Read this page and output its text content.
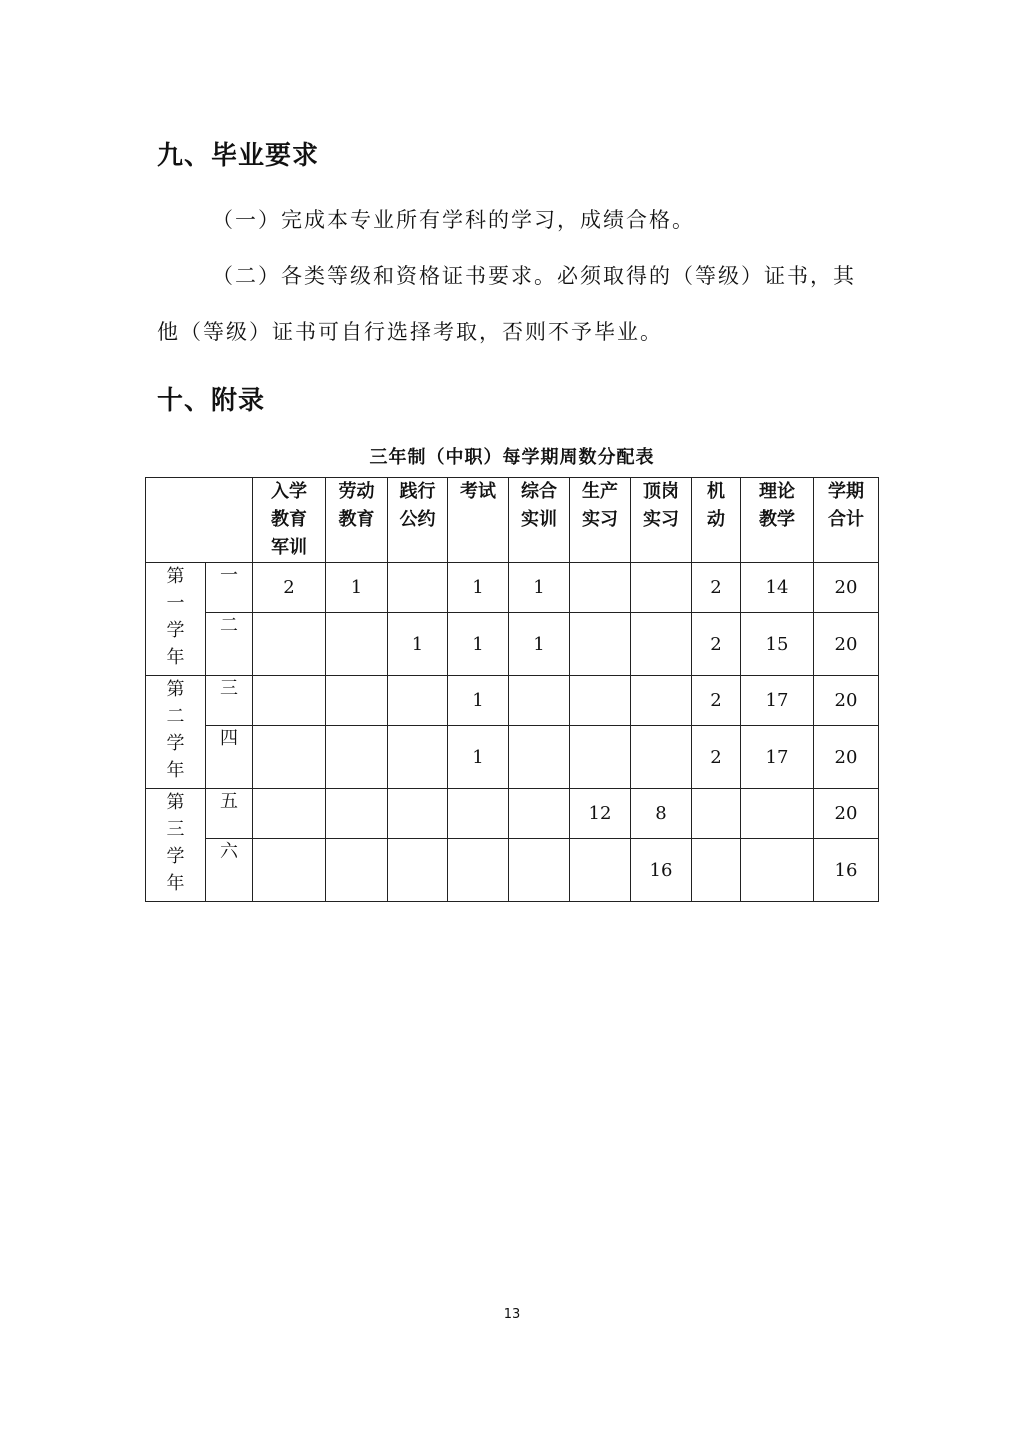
九、毕业要求
（一）完成本专业所有学科的学习，成绩合格。
（二）各类等级和资格证书要求。必须取得的（等级）证书，其
他（等级）证书可自行选择考取，否则不予毕业。
十、附录
三年制（中职）每学期周数分配表

		入学
教育
军训	劳动
教育	践行
公约	考试	综合
实训	生产
实习	顶岗
实习	机
动	理论
教学	学期
合计

第
一
学
年	一	2	1		1	1			2	14	20
	二			1	1	1			2	15	20

第
二
学
年	三				1				2	17	20
	四				1				2	17	20

第
三
学
年	五						12	8			20
	六							16			16
13
